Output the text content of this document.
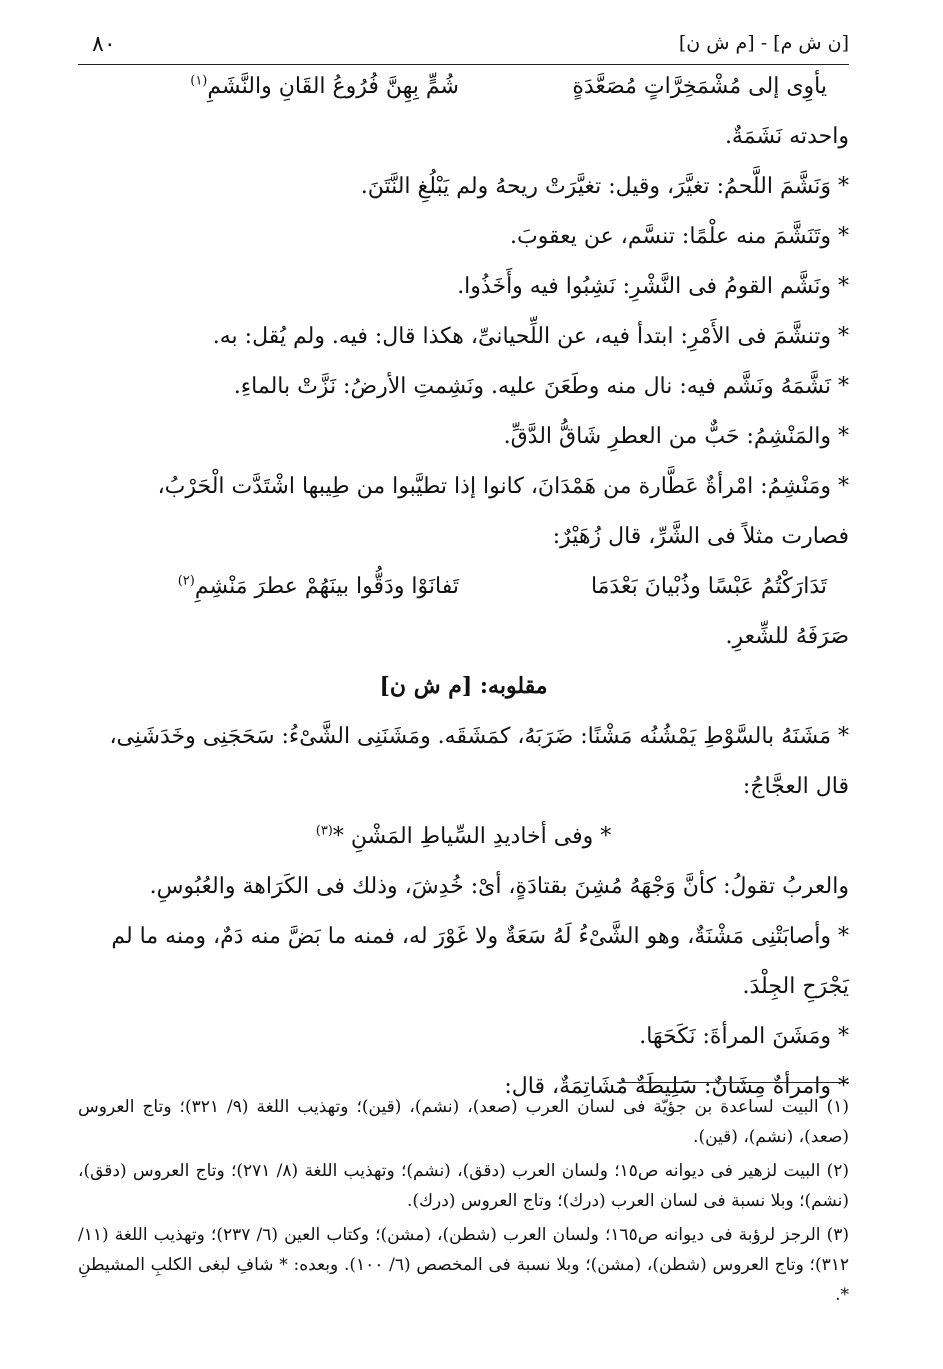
٨٠	[ن ش م] - [م ش ن]
يأوِى إلى مُشْمَخِرَّاتٍ مُصَعَّدَةٍ
شُمٍّ بِهِنَّ فُرُوعُ القَانِ والنَّشَمِ$^{(١)}$
واحدته نَشَمَةٌ.
* وَنَشَّمَ اللَّحمُ: تغيَّرَ، وقيل: تغيَّرَتْ ريحهُ ولم يَبْلُغِ النَّتَنَ.
* وتَنَشَّمَ منه علْمًا: تنسَّم، عن يعقوبَ.
* ونَشَّم القومُ فى النَّشْرِ: نَشِبُوا فيه وأَخَذُوا.
* وتنشَّمَ فى الأَمْرِ: ابتدأ فيه، عن اللِّحيانىِّ، هكذا قال: فيه. ولم يُقل: به.
* نَشَّمَهُ ونَشَّم فيه: نال منه وطَعَنَ عليه. ونَشِمتِ الأرضُ: نَزَّتْ بالماءِ.
* والمَنْشِمُ: حَبٌّ من العطرِ شَاقُّ الدَّقِّ.
* ومَنْشِمُ: امْرأةٌ عَطَّارة من هَمْدَانَ، كانوا إذا تطيَّبوا من طِيبها اشْتَدَّت الْحَرْبُ،
فصارت مثلاً فى الشَّرِّ، قال زُهَيْرٌ:
تَدَارَكْتُمُ عَبْسًا وذُبْيانَ بَعْدَمَا
تَفانَوْا ودَقُّوا بينَهُمْ عطرَ مَنْشِمِ$^{(٢)}$
صَرَفَهُ للشِّعرِ.
مقلوبه: [م ش ن]
* مَشَنَهُ بالسَّوْطِ يَمْشُنُه مَشْنًا: ضَرَبَهُ، كمَشَقَه. ومَشَنَنِى الشَّىْءُ: سَحَجَنِى وخَدَشَنِى،
قال العجَّاجُ:
* وفى أخاديدِ السِّياطِ المَشْنِ *$^{(٣)}$
والعربُ تقولُ: كأنَّ وَجْهَهُ مُشِنَ بقتادَةٍ، أىْ: خُدِشَ، وذلك فى الكَرَاهة والعُبُوسِ.
* وأصابَتْنِى مَشْنَةٌ، وهو الشَّىْءُ لَهُ سَعَةٌ ولا غَوْرَ له، فمنه ما بَضَّ منه دَمٌ، ومنه ما لم
يَجْرَحِ الجِلْدَ.
* ومَشَنَ المرأةَ: نَكَحَهَا.
* وامرأةٌ مِشَانٌ: سَلِيطَةٌ مُشَاتِمَةٌ، قال:
(١) البيت لساعدة بن جؤيّة فى لسان العرب (صعد)، (نشم)، (قين)؛ وتهذيب اللغة (٩/ ٣٢١)؛ وتاج العروس (صعد)، (نشم)، (قين).
(٢) البيت لزهير فى ديوانه ص١٥؛ ولسان العرب (دقق)، (نشم)؛ وتهذيب اللغة (٨/ ٢٧١)؛ وتاج العروس (دقق)، (نشم)؛ وبلا نسبة فى لسان العرب (درك)؛ وتاج العروس (درك).
(٣) الرجز لرؤبة فى ديوانه ص١٦٥؛ ولسان العرب (شطن)، (مشن)؛ وكتاب العين (٦/ ٢٣٧)؛ وتهذيب اللغة (١١/ ٣١٢)؛ وتاج العروس (شطن)، (مشن)؛ وبلا نسبة فى المخصص (٦/ ١٠٠). وبعده: * شافِ لبغى الكلبِ المشيطنِ *.
